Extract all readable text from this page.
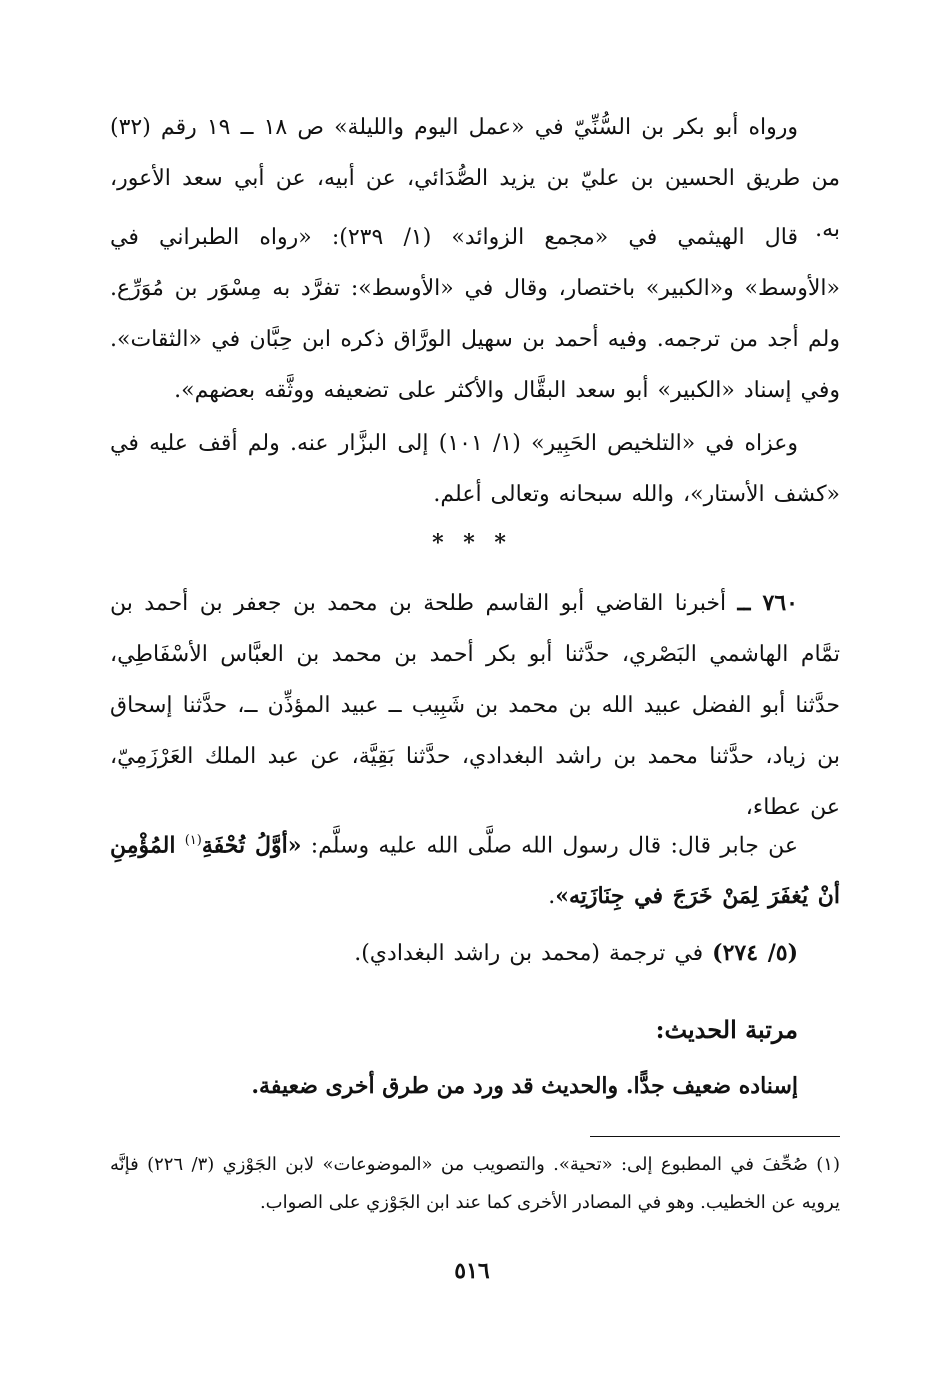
ورواه أبو بكر بن السُّنِّيّ في «عمل اليوم والليلة» ص ١٨ ــ ١٩ رقم (٣٢) من طريق الحسين بن عليّ بن يزيد الصُّدَائي، عن أبيه، عن أبي سعد الأعور، به.

قال الهيثمي في «مجمع الزوائد» (١/ ٢٣٩): «رواه الطبراني في «الأوسط» و«الكبير» باختصار، وقال في «الأوسط»: تفرَّد به مِسْوَر بن مُوَرِّع. ولم أجد من ترجمه. وفيه أحمد بن سهيل الورَّاق ذكره ابن حِبَّان في «الثقات». وفي إسناد «الكبير» أبو سعد البقَّال والأكثر على تضعيفه ووثَّقه بعضهم».

وعزاه في «التلخيص الحَبِير» (١/ ١٠١) إلى البزَّار عنه. ولم أقف عليه في «كشف الأستار»، والله سبحانه وتعالى أعلم.

* * *

٧٦٠ ــ أخبرنا القاضي أبو القاسم طلحة بن محمد بن جعفر بن أحمد بن تمَّام الهاشمي البَصْري، حدَّثنا أبو بكر أحمد بن محمد بن العبَّاس الأسْفَاطِي، حدَّثنا أبو الفضل عبيد الله بن محمد بن شَبِيب ــ عبيد المؤذِّن ــ، حدَّثنا إسحاق بن زياد، حدَّثنا محمد بن راشد البغدادي، حدَّثنا بَقِيَّة، عن عبد الملك العَرْزَمِيّ، عن عطاء،

عن جابر قال: قال رسول الله صلَّى الله عليه وسلَّم: «أوَّلُ تُحْفَةِ$^{(١)}$ المُؤْمِنِ أنْ يُغفَرَ لِمَنْ خَرَجَ في جِنَازَتِه».

(٥/ ٢٧٤) في ترجمة (محمد بن راشد البغدادي).

مرتبة الحديث:
إسناده ضعيف جدًّا. والحديث قد ورد من طرق أخرى ضعيفة.
(١) صُحِّفَ في المطبوع إلى: «تحية». والتصويب من «الموضوعات» لابن الجَوْزي (٣/ ٢٢٦) فإنَّه يرويه عن الخطيب. وهو في المصادر الأخرى كما عند ابن الجَوْزي على الصواب.
٥١٦
